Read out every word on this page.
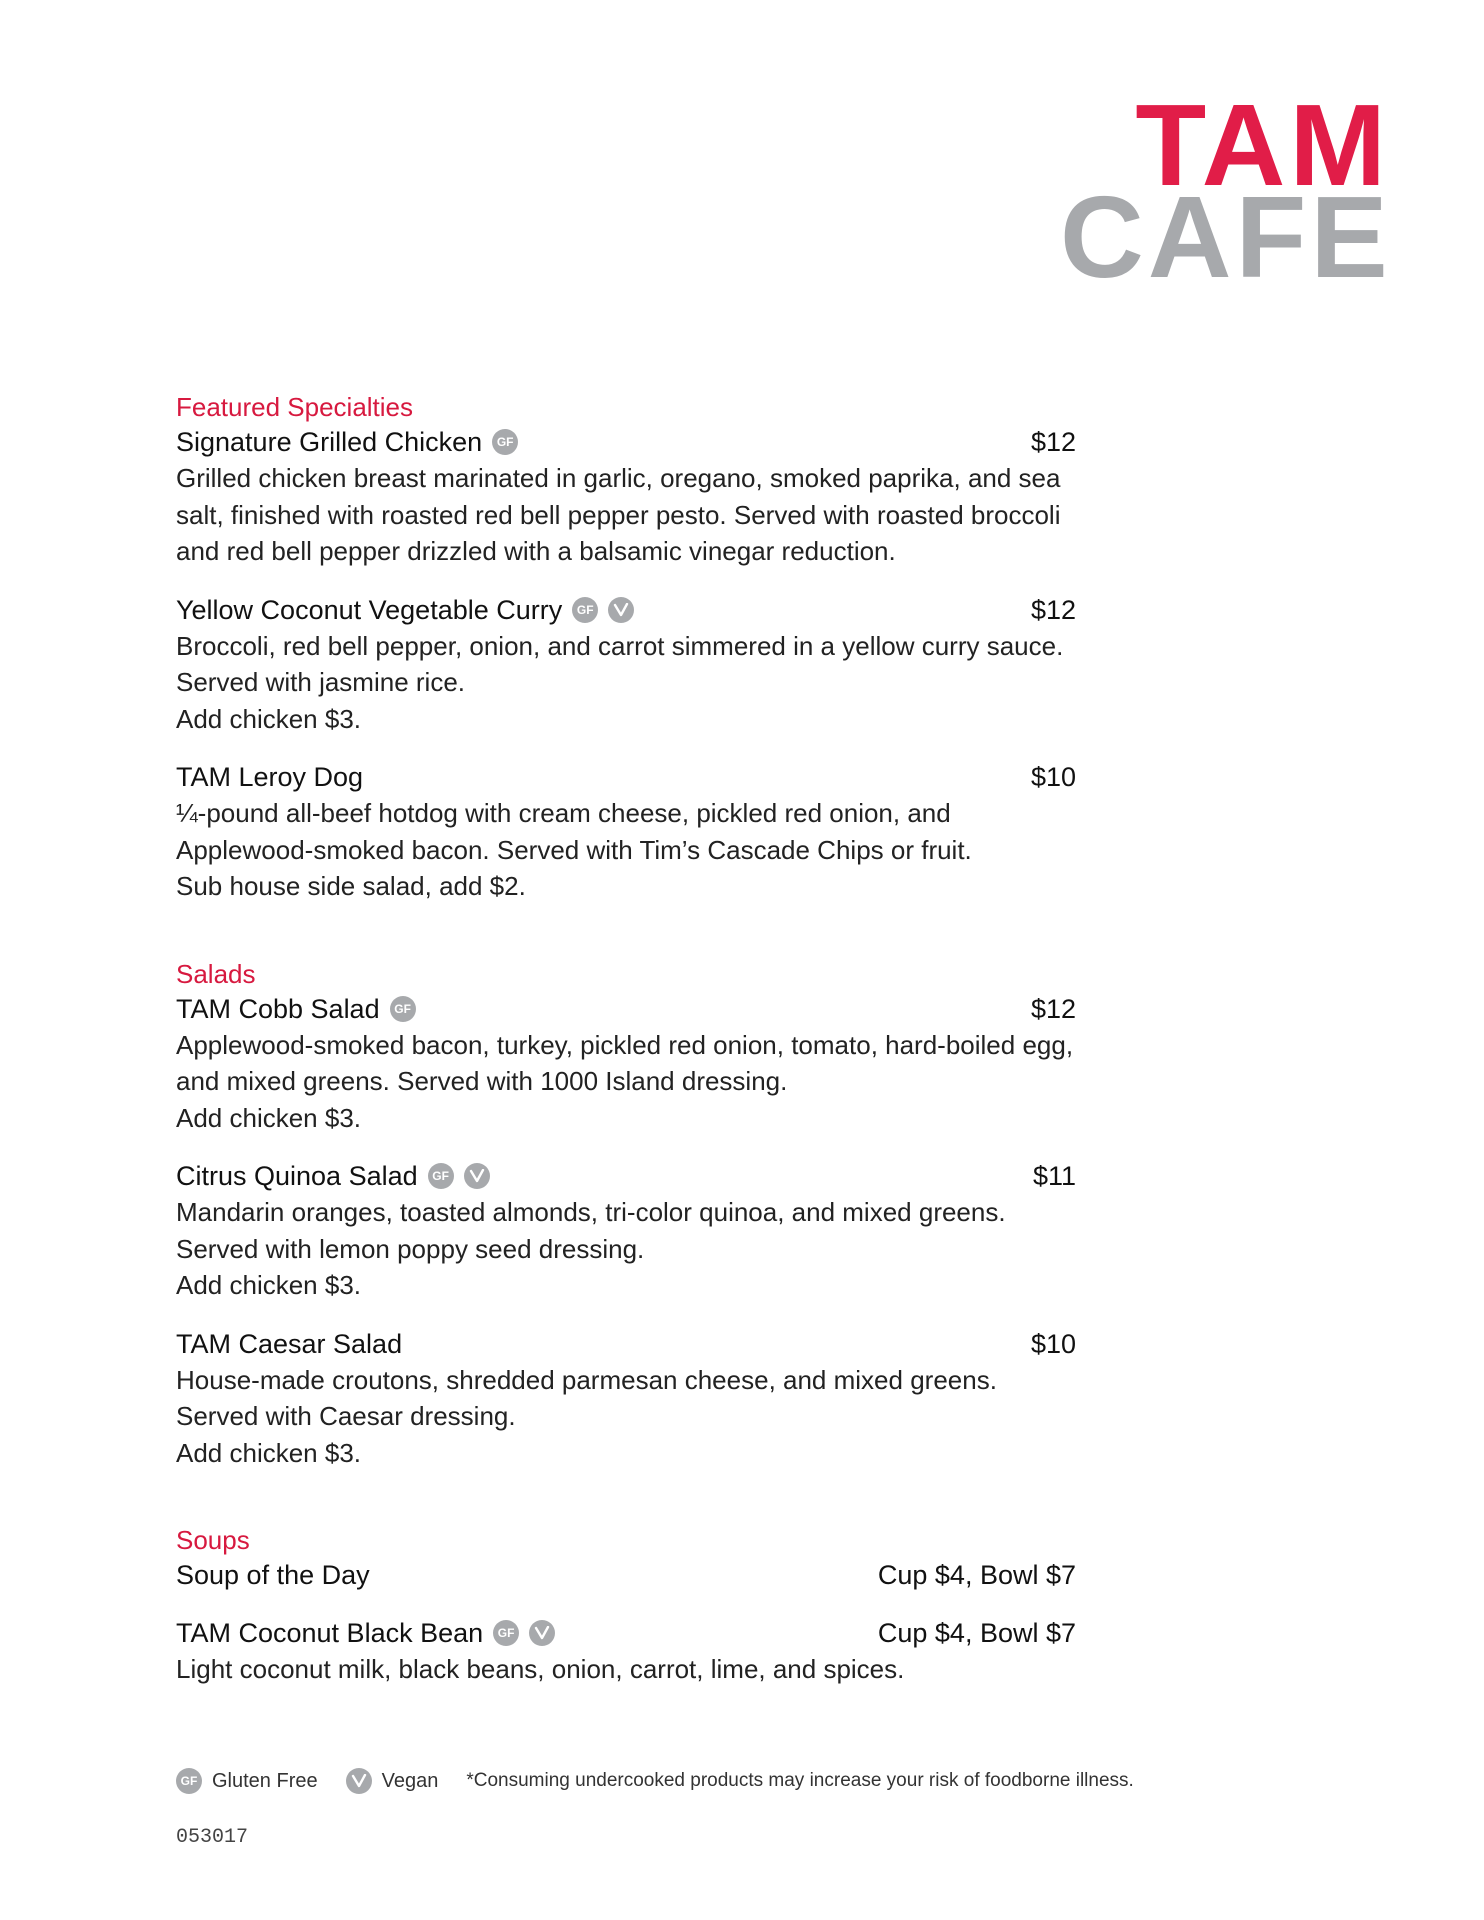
TAM
CAFE
Featured Specialties
Signature Grilled Chicken	GF	$12
Grilled chicken breast marinated in garlic, oregano, smoked paprika, and sea
salt, finished with roasted red bell pepper pesto. Served with roasted broccoli
and red bell pepper drizzled with a balsamic vinegar reduction.
Yellow Coconut Vegetable Curry	GF	$12
Broccoli, red bell pepper, onion, and carrot simmered in a yellow curry sauce.
Served with jasmine rice.
Add chicken $3.
TAM Leroy Dog	$10
¼-pound all-beef hotdog with cream cheese, pickled red onion, and
Applewood-smoked bacon. Served with Tim’s Cascade Chips or fruit.
Sub house side salad, add $2.
Salads
TAM Cobb Salad	GF	$12
Applewood-smoked bacon, turkey, pickled red onion, tomato, hard-boiled egg,
and mixed greens. Served with 1000 Island dressing.
Add chicken $3.
Citrus Quinoa Salad	GF	$11
Mandarin oranges, toasted almonds, tri-color quinoa, and mixed greens.
Served with lemon poppy seed dressing.
Add chicken $3.
TAM Caesar Salad	$10
House-made croutons, shredded parmesan cheese, and mixed greens.
Served with Caesar dressing.
Add chicken $3.
Soups
Soup of the Day	Cup $4, Bowl $7
TAM Coconut Black Bean	GF	Cup $4, Bowl $7
Light coconut milk, black beans, onion, carrot, lime, and spices.
GF Gluten Free	Vegan *Consuming undercooked products may increase your risk of foodborne illness.
053017
